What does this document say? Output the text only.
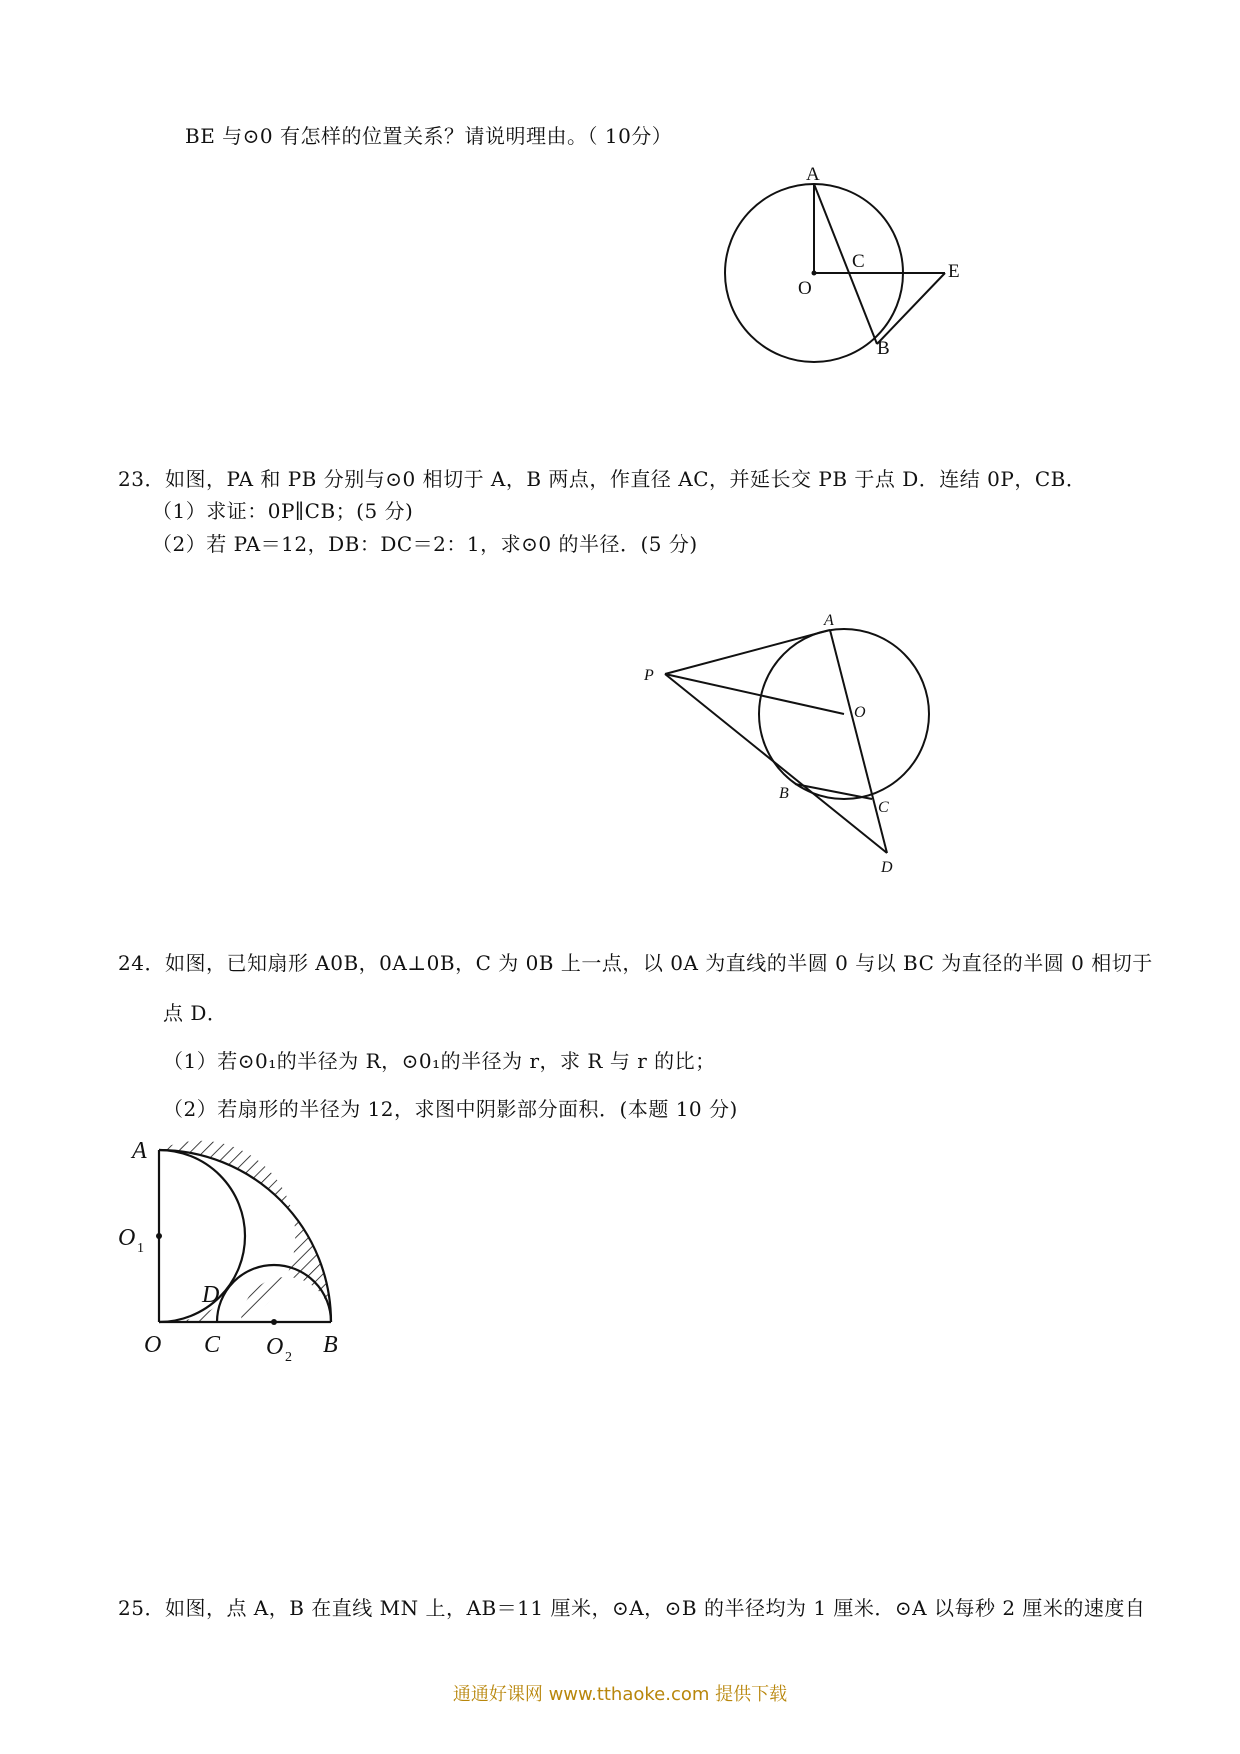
BE 与⊙0 有怎样的位置关系？请说明理由。（ 10分）
A
O
C	E
B
23．如图，PA 和 PB 分别与⊙0 相切于 A，B 两点，作直径 AC，并延长交 PB 于点 D．连结 0P，CB．
（1）求证：0P∥CB；(5 分)
（2）若 PA＝12，DB：DC＝2：1，求⊙0 的半径．(5 分)
A
P
O
B
C
D
24．如图，已知扇形 A0B，0A⊥0B，C 为 0B 上一点，以 0A 为直线的半圆 0 与以 BC 为直径的半圆 0 相切于
点 D．
（1）若⊙0₁的半径为 R，⊙0₁的半径为 r，求 R 与 r 的比；
（2）若扇形的半径为 12，求图中阴影部分面积．(本题 10 分)
A
O 1
D
O C O 2 B
25．如图，点 A，B 在直线 MN 上，AB＝11 厘米，⊙A，⊙B 的半径均为 1 厘米．⊙A 以每秒 2 厘米的速度自
通通好课网 www.tthaoke.com 提供下载
